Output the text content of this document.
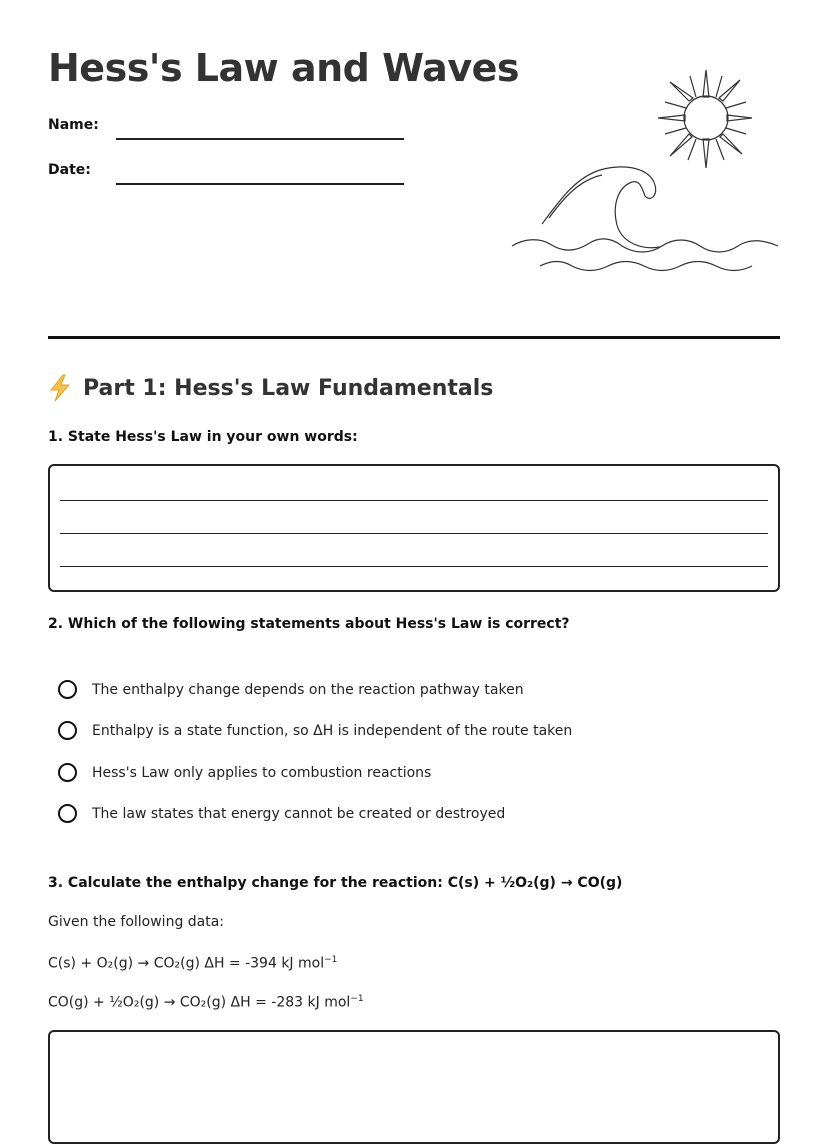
Hess's Law and Waves
Name:
Date:
Part 1: Hess's Law Fundamentals
1. State Hess's Law in your own words:
2. Which of the following statements about Hess's Law is correct?
The enthalpy change depends on the reaction pathway taken
Enthalpy is a state function, so ΔH is independent of the route taken
Hess's Law only applies to combustion reactions
The law states that energy cannot be created or destroyed
3. Calculate the enthalpy change for the reaction: C(s) + ½O₂(g) → CO(g)
Given the following data:
C(s) + O₂(g) → CO₂(g) ΔH = -394 kJ mol$^{-1}$
CO(g) + ½O₂(g) → CO₂(g) ΔH = -283 kJ mol$^{-1}$
